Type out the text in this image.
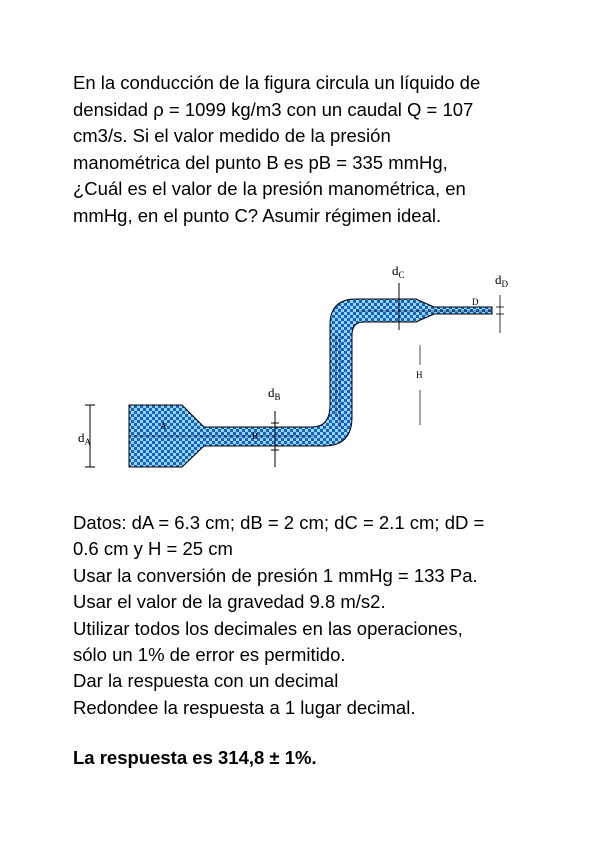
En la conducción de la figura circula un líquido de
densidad ρ = 1099 kg/m3 con un caudal Q = 107
cm3/s. Si el valor medido de la presión
manométrica del punto B es pB = 335 mmHg,
¿Cuál es el valor de la presión manométrica, en
mmHg, en el punto C? Asumir régimen ideal.
$d_A$
$d_B$
$d_C$	$d_D$
H
A
B
D
Datos: dA = 6.3 cm; dB = 2 cm; dC = 2.1 cm; dD =
0.6 cm y H = 25 cm
Usar la conversión de presión 1 mmHg = 133 Pa.
Usar el valor de la gravedad 9.8 m/s2.
Utilizar todos los decimales en las operaciones,
sólo un 1% de error es permitido.
Dar la respuesta con un decimal
Redondee la respuesta a 1 lugar decimal.

La respuesta es 314,8 ± 1%.
